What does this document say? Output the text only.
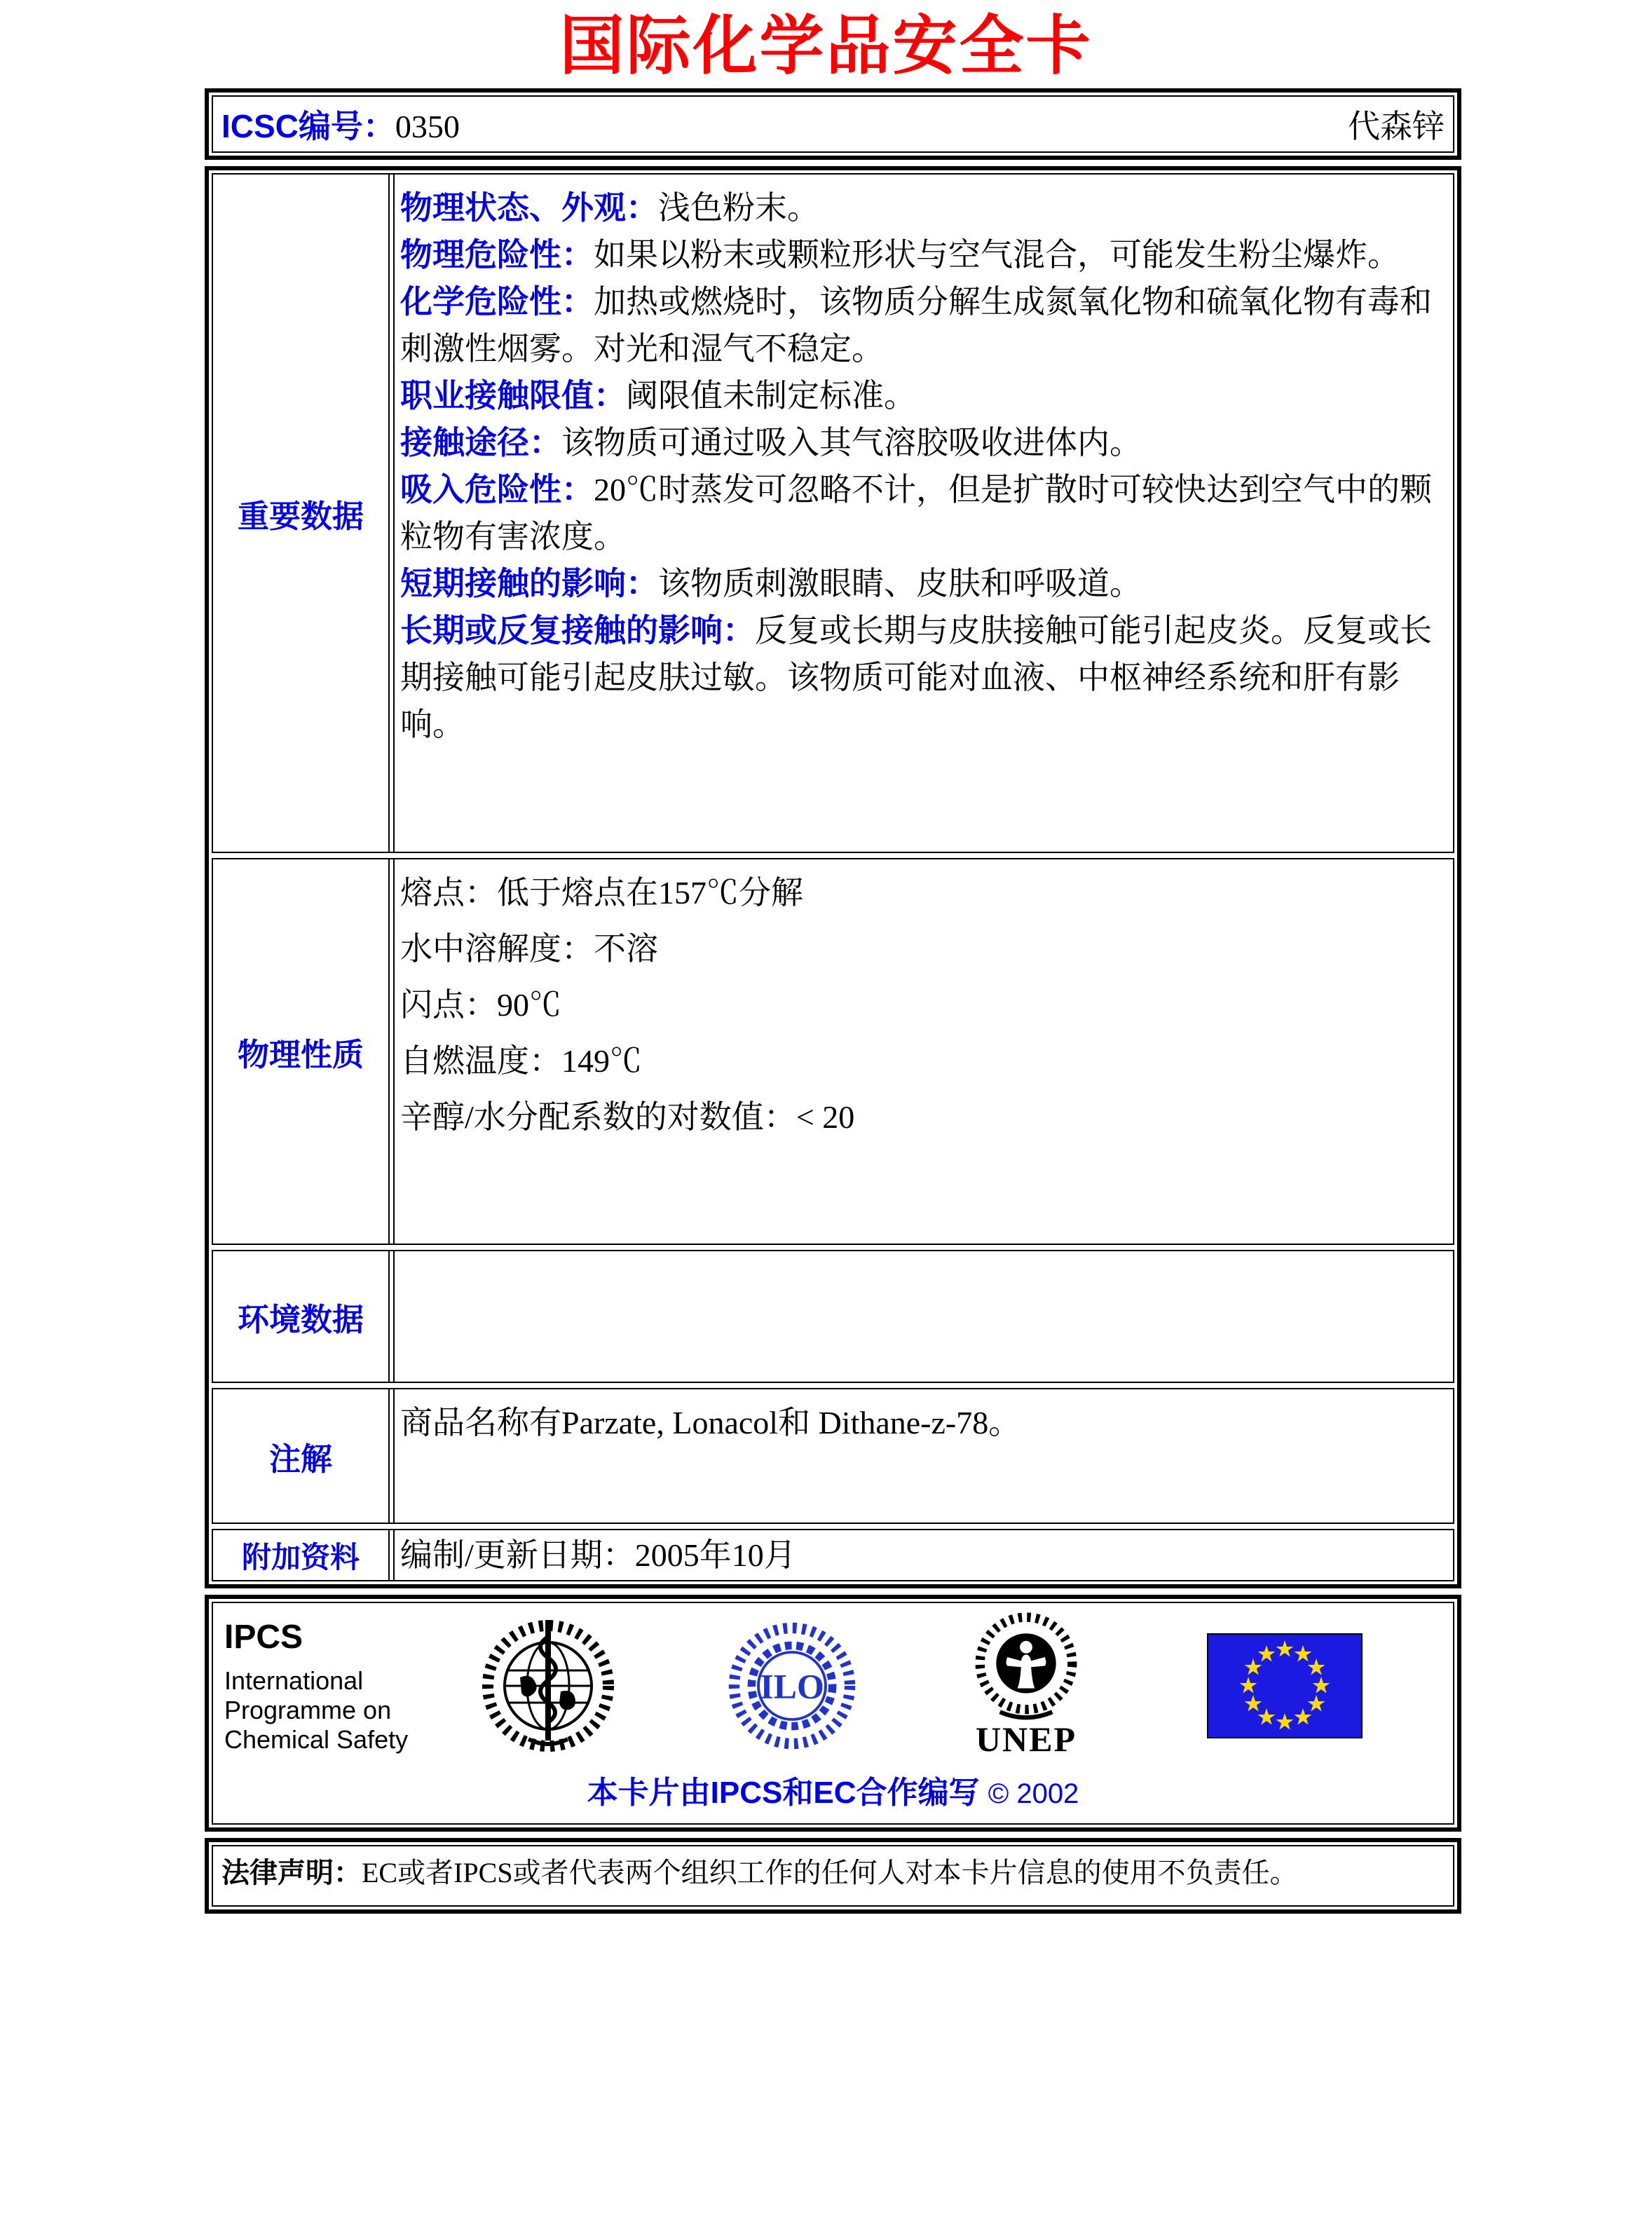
国际化学品安全卡
ICSC编号：0350	代森锌
重要数据

物理状态、外观：浅色粉末。

物理危险性：如果以粉末或颗粒形状与空气混合，可能发生粉尘爆炸。

化学危险性：加热或燃烧时，该物质分解生成氮氧化物和硫氧化物有毒和刺激性烟雾。对光和湿气不稳定。

职业接触限值：阈限值未制定标准。

接触途径：该物质可通过吸入其气溶胶吸收进体内。

吸入危险性：20℃时蒸发可忽略不计，但是扩散时可较快达到空气中的颗粒物有害浓度。

短期接触的影响：该物质刺激眼睛、皮肤和呼吸道。

长期或反复接触的影响：反复或长期与皮肤接触可能引起皮炎。反复或长期接触可能引起皮肤过敏。该物质可能对血液、中枢神经系统和肝有影响。

物理性质

熔点：低于熔点在157℃分解

水中溶解度：不溶

闪点：90℃

自燃温度：149℃

辛醇/水分配系数的对数值：< 20

环境数据
注解
商品名称有Parzate, Lonacol和 Dithane-z-78。
附加资料	编制/更新日期：2005年10月
IPCS
International
Programme on
Chemical Safety
ILO
UNEP
本卡片由IPCS和EC合作编写 © 2002
法律声明：EC或者IPCS或者代表两个组织工作的任何人对本卡片信息的使用不负责任。
